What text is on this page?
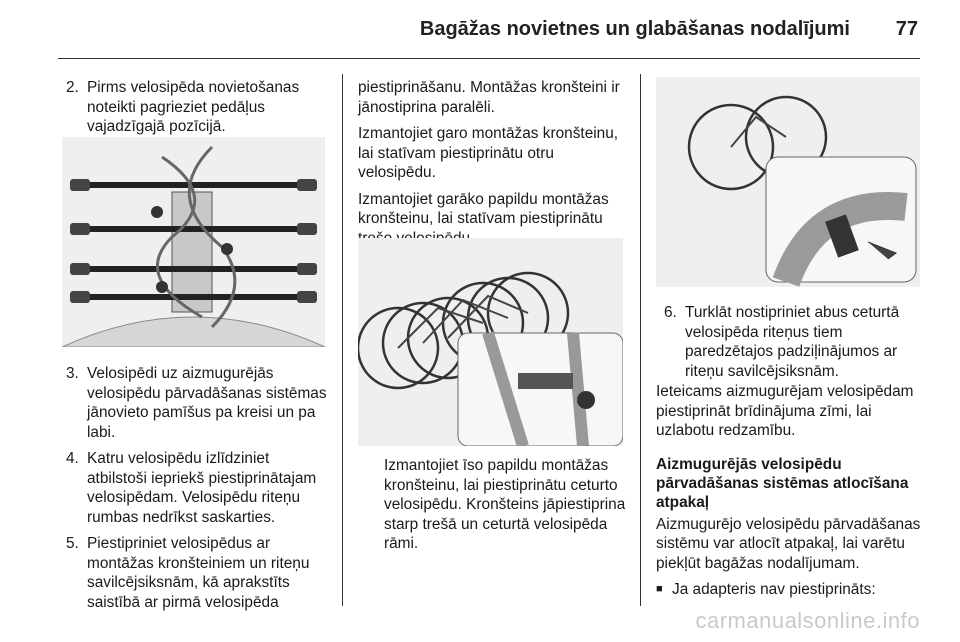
Bagāžas novietnes un glabāšanas nodalījumi 77
2. Pirms velosipēda novietošanas noteikti pagrieziet pedāļus vajadzīgajā pozīcijā.
3. Velosipēdi uz aizmugurējās velosipēdu pārvadāšanas sistēmas jānovieto pamīšus pa kreisi un pa labi.
4. Katru velosipēdu izlīdziniet atbilstoši iepriekš piestiprinātajam velosipēdam. Velosipēdu riteņu rumbas nedrīkst saskarties.
5. Piestipriniet velosipēdus ar montāžas kronšteiniem un riteņu savilcējsiksnām, kā aprakstīts saistībā ar pirmā velosipēda

piestiprināšanu. Montāžas kronšteini ir jānostiprina paralēli.

Izmantojiet garo montāžas kronšteinu, lai statīvam piestiprinātu otru velosipēdu.

Izmantojiet garāko papildu montāžas kronšteinu, lai statīvam piestiprinātu

Izmantojiet īso papildu montāžas kronšteinu, lai piestiprinātu ceturto velosipēdu. Kronšteins jāpiestiprina starp trešā un ceturtā velosipēda rāmi.

6. Turklāt nostipriniet abus ceturtā velosipēda riteņus tiem paredzētajos padziļinājumos ar riteņu savilcējsiksnām.

Ieteicams aizmugurējam velosipēdam piestiprināt brīdinājuma zīmi, lai uzlabotu redzamību.

Aizmugurējās velosipēdu pārvadāšanas sistēmas atlocīšana atpakaļ

Aizmugurējo velosipēdu pārvadāšanas sistēmu var atlocīt atpakaļ, lai varētu piekļūt bagāžas nodalījumam.

■ Ja adapteris nav piestiprināts:
carmanualsonline.info
